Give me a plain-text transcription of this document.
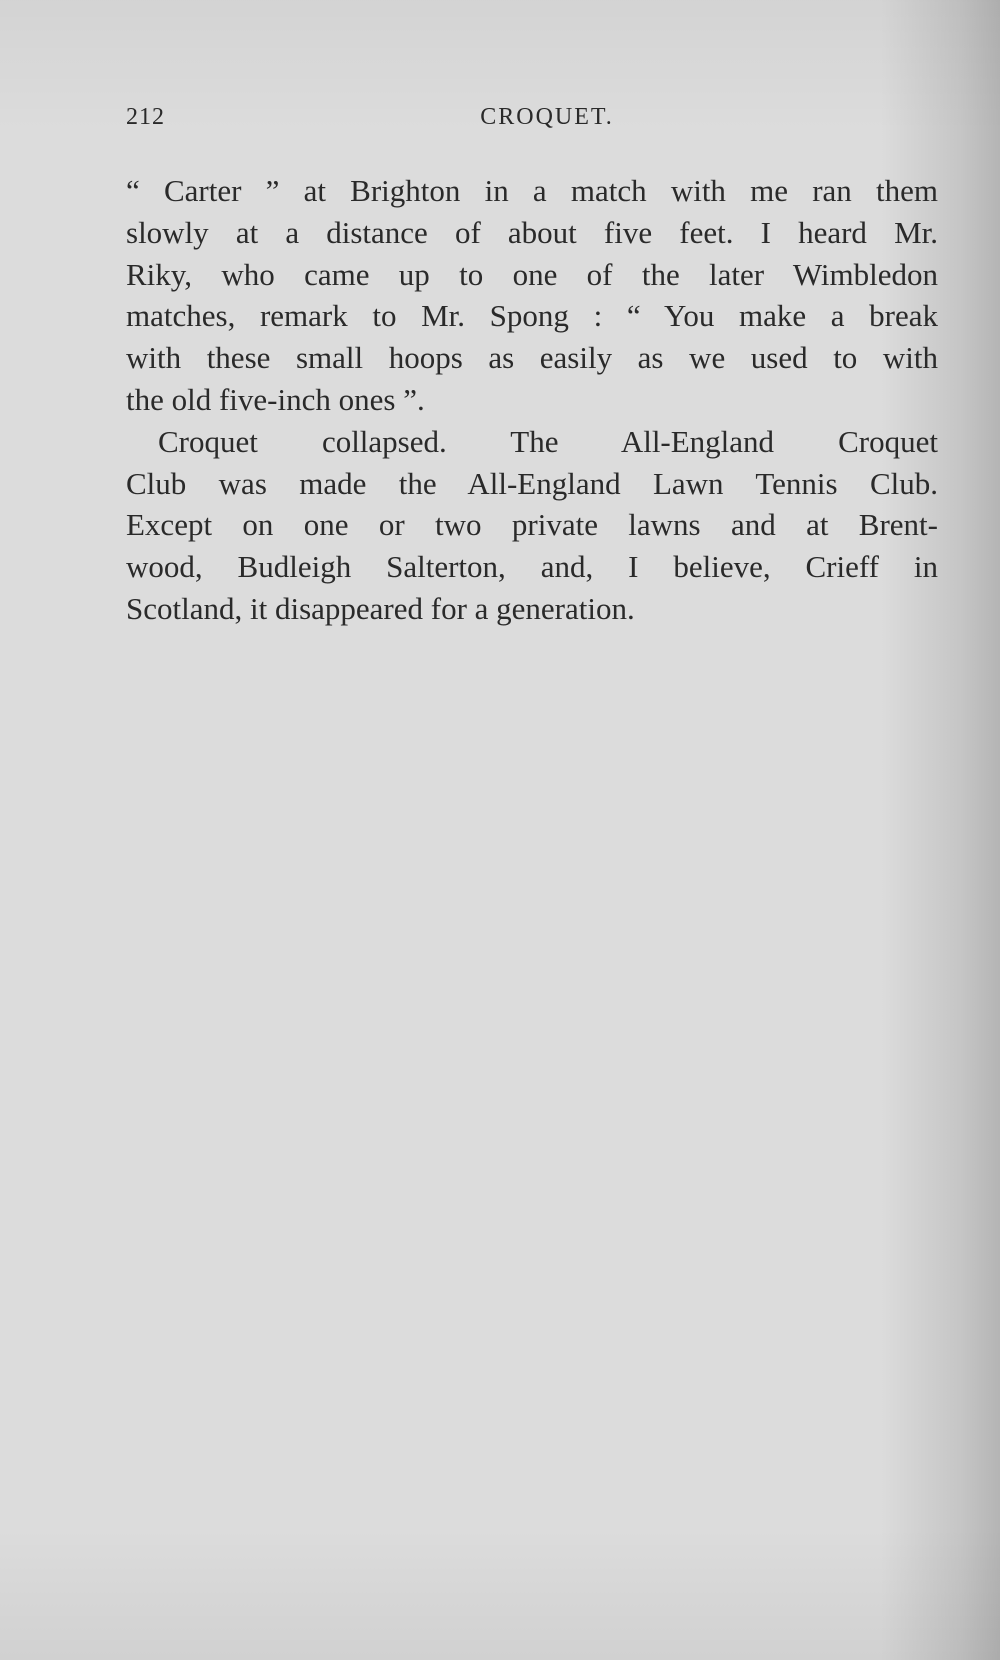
212	CROQUET.
“ Carter ” at Brighton in a match with me ran them
slowly at a distance of about five feet. I heard Mr.
Riky, who came up to one of the later Wimbledon
matches, remark to Mr. Spong : “ You make a break
with these small hoops as easily as we used to with
the old five-inch ones ”.
Croquet collapsed. The All-England Croquet
Club was made the All-England Lawn Tennis Club.
Except on one or two private lawns and at Brent-
wood, Budleigh Salterton, and, I believe, Crieff in
Scotland, it disappeared for a generation.
